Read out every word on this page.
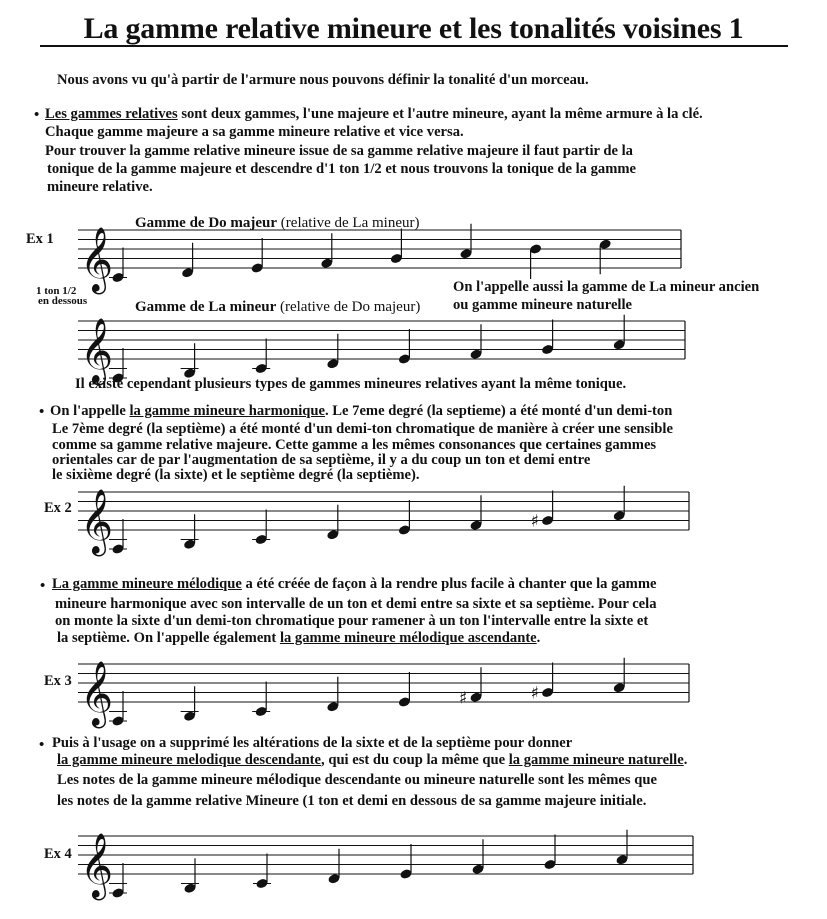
La gamme relative mineure et les tonalités voisines 1
Nous avons vu qu'à partir de l'armure nous pouvons définir la tonalité d'un morceau.
• Les gammes relatives sont deux gammes, l'une majeure et l'autre mineure, ayant la même armure à la clé.
Chaque gamme majeure a sa gamme mineure relative et vice versa.
Pour trouver la gamme relative mineure issue de sa gamme relative majeure il faut partir de la
tonique de la gamme majeure et descendre d'1 ton 1/2 et nous trouvons la tonique de la gamme
mineure relative.
Ex 1
Gamme de Do majeur (relative de La mineur)
𝄞
1 ton 1/2
en dessous
On l'appelle aussi la gamme de La mineur ancien
ou gamme mineure naturelle
Gamme de La mineur (relative de Do majeur)
𝄞
Il existe cependant plusieurs types de gammes mineures relatives ayant la même tonique.
• On l'appelle la gamme mineure harmonique. Le 7eme degré (la septieme) a été monté d'un demi-ton
Le 7ème degré (la septième) a été monté d'un demi-ton chromatique de manière à créer une sensible
comme sa gamme relative majeure. Cette gamme a les mêmes consonances que certaines gammes
orientales car de par l'augmentation de sa septième, il y a du coup un ton et demi entre
le sixième degré (la sixte) et le septième degré (la septième).
Ex 2 𝄞	♯
• La gamme mineure mélodique a été créée de façon à la rendre plus facile à chanter que la gamme
mineure harmonique avec son intervalle de un ton et demi entre sa sixte et sa septième. Pour cela
on monte la sixte d'un demi-ton chromatique pour ramener à un ton l'intervalle entre la sixte et
la septième. On l'appelle également la gamme mineure mélodique ascendante.
Ex 3 𝄞	♯	♯
• Puis à l'usage on a supprimé les altérations de la sixte et de la septième pour donner
la gamme mineure melodique descendante, qui est du coup la même que la gamme mineure naturelle.
Les notes de la gamme mineure mélodique descendante ou mineure naturelle sont les mêmes que
les notes de la gamme relative Mineure (1 ton et demi en dessous de sa gamme majeure initiale.
Ex 4 𝄞
